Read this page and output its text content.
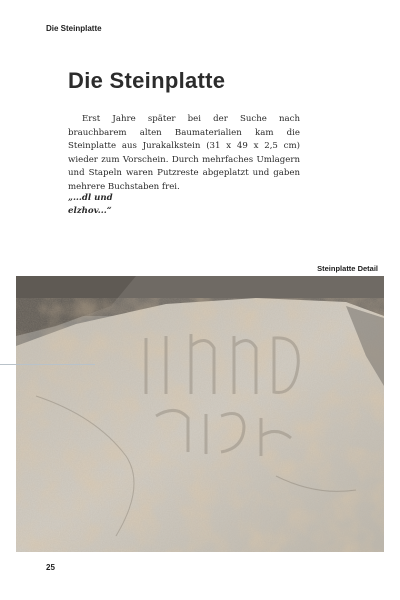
Die Steinplatte
Die Steinplatte

Erst Jahre später bei der Suche nach brauchbarem alten Baumaterialien kam die Steinplatte aus Jurakalkstein (31 x 49 x 2,5 cm) wieder zum Vorschein. Durch mehrfaches Umlagern und Stapeln waren Putzreste abgeplatzt und gaben mehrere Buchstaben frei.

„...dl und
elzhov...“

Steinplatte Detail
25
